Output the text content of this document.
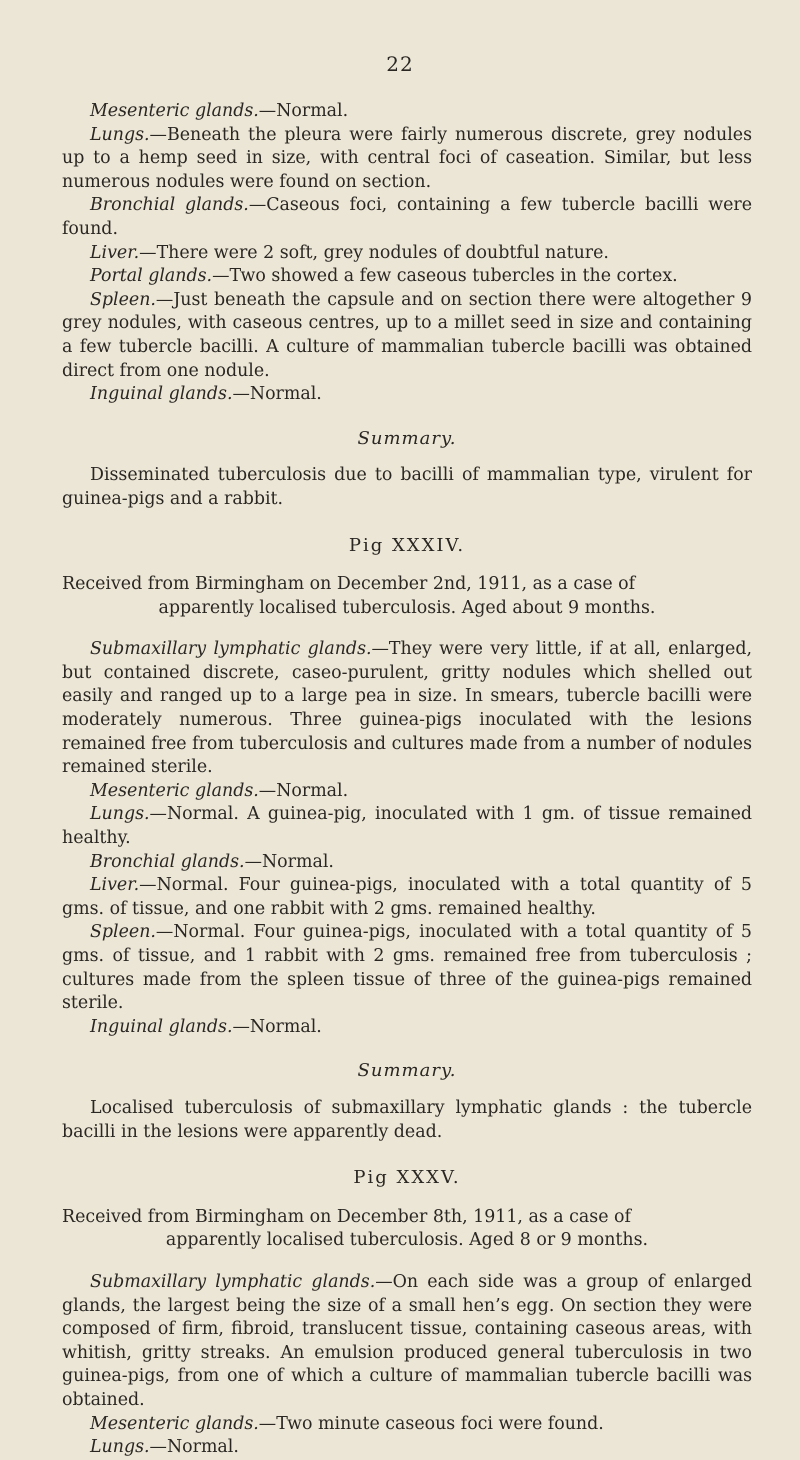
22

Mesenteric glands.—Normal.

Lungs.—Beneath the pleura were fairly numerous discrete, grey nodules up to a hemp seed in size, with central foci of caseation. Similar, but less numerous nodules were found on section.

Bronchial glands.—Caseous foci, containing a few tubercle bacilli were found.

Liver.—There were 2 soft, grey nodules of doubtful nature.

Portal glands.—Two showed a few caseous tubercles in the cortex.

Spleen.—Just beneath the capsule and on section there were altogether 9 grey nodules, with caseous centres, up to a millet seed in size and containing a few tubercle bacilli. A culture of mammalian tubercle bacilli was obtained direct from one nodule.

Inguinal glands.—Normal.

Summary.

Disseminated tuberculosis due to bacilli of mammalian type, virulent for guinea-pigs and a rabbit.

Pig XXXIV.

Received from Birmingham on December 2nd, 1911, as a case of
apparently localised tuberculosis. Aged about 9 months.

Submaxillary lymphatic glands.—They were very little, if at all, enlarged, but contained discrete, caseo-purulent, gritty nodules which shelled out easily and ranged up to a large pea in size. In smears, tubercle bacilli were moderately numerous. Three guinea-pigs inoculated with the lesions remained free from tuberculosis and cultures made from a number of nodules remained sterile.

Mesenteric glands.—Normal.

Lungs.—Normal. A guinea-pig, inoculated with 1 gm. of tissue remained healthy.

Bronchial glands.—Normal.

Liver.—Normal. Four guinea-pigs, inoculated with a total quantity of 5 gms. of tissue, and one rabbit with 2 gms. remained healthy.

Spleen.—Normal. Four guinea-pigs, inoculated with a total quantity of 5 gms. of tissue, and 1 rabbit with 2 gms. remained free from tuberculosis ; cultures made from the spleen tissue of three of the guinea-pigs remained sterile.

Inguinal glands.—Normal.

Summary.

Localised tuberculosis of submaxillary lymphatic glands : the tubercle bacilli in the lesions were apparently dead.

Pig XXXV.

Received from Birmingham on December 8th, 1911, as a case of
apparently localised tuberculosis. Aged 8 or 9 months.

Submaxillary lymphatic glands.—On each side was a group of enlarged glands, the largest being the size of a small hen’s egg. On section they were composed of firm, fibroid, translucent tissue, containing caseous areas, with whitish, gritty streaks. An emulsion produced general tuberculosis in two guinea-pigs, from one of which a culture of mammalian tubercle bacilli was obtained.

Mesenteric glands.—Two minute caseous foci were found.

Lungs.—Normal.
